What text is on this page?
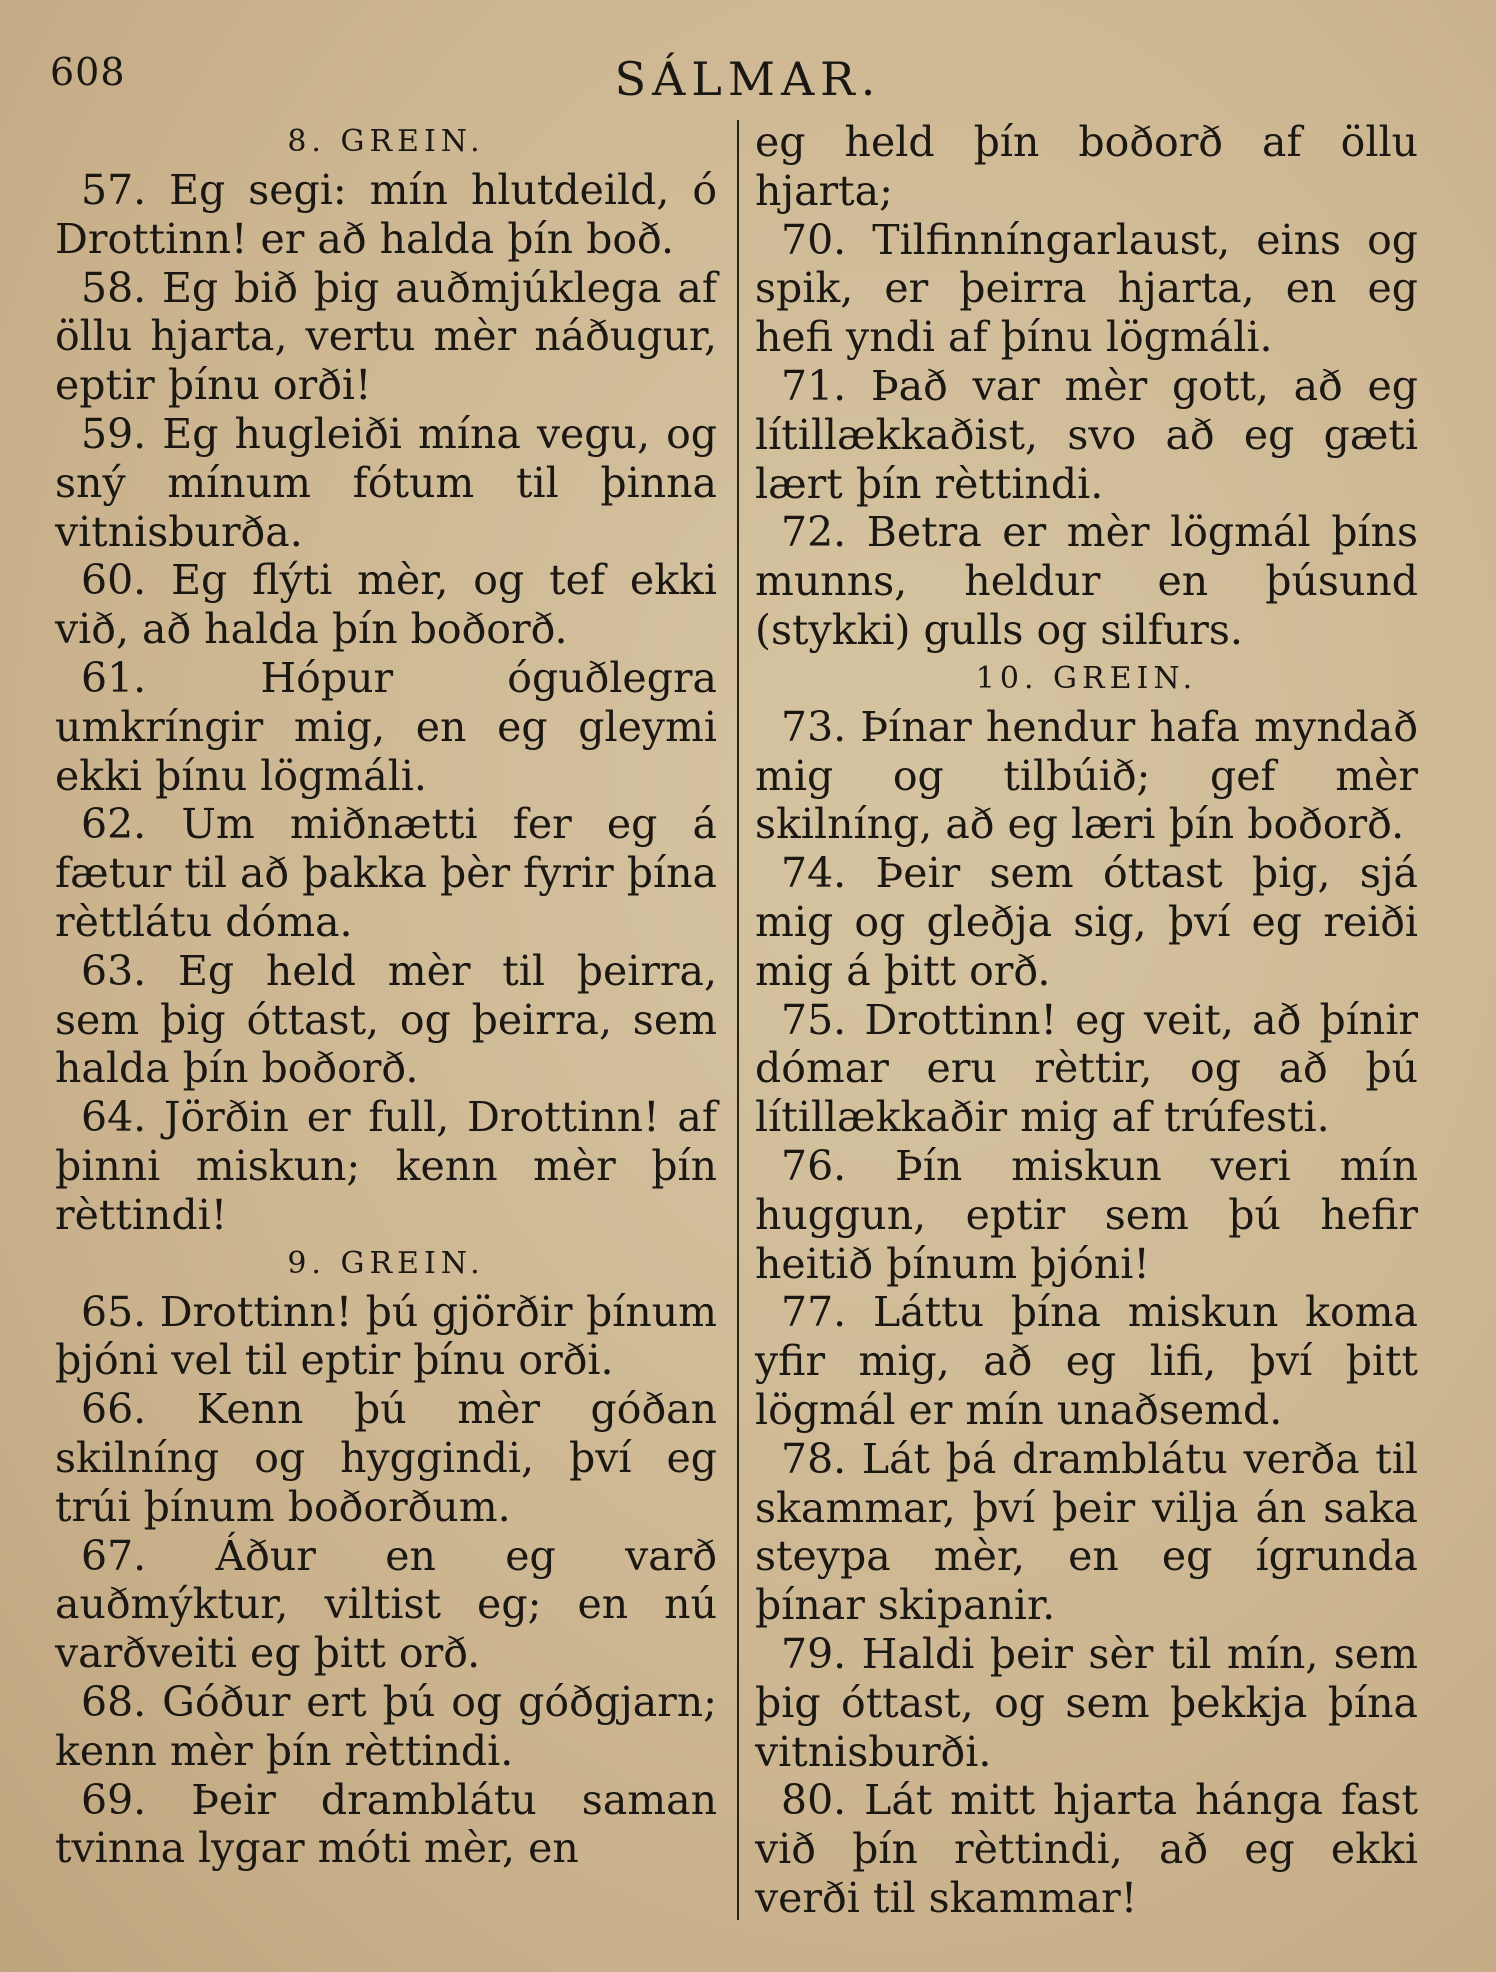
608	SÁLMAR.
8. GREIN.
57. Eg segi: mín hlutdeild, ó Drottinn! er að halda þín boð.
58. Eg bið þig auðmjúklega af öllu hjarta, vertu mèr náðugur, eptir þínu orði!
59. Eg hugleiði mína vegu, og sný mínum fótum til þinna vitnisburða.
60. Eg flýti mèr, og tef ekki við, að halda þín boðorð.
61. Hópur óguðlegra umkríngir mig, en eg gleymi ekki þínu lögmáli.
62. Um miðnætti fer eg á fætur til að þakka þèr fyrir þína rèttlátu dóma.
63. Eg held mèr til þeirra, sem þig óttast, og þeirra, sem halda þín boðorð.
64. Jörðin er full, Drottinn! af þinni miskun; kenn mèr þín rèttindi!
9. GREIN.
65. Drottinn! þú gjörðir þínum þjóni vel til eptir þínu orði.
66. Kenn þú mèr góðan skilníng og hyggindi, því eg trúi þínum boðorðum.
67. Áður en eg varð auðmýktur, viltist eg; en nú varðveiti eg þitt orð.
68. Góður ert þú og góðgjarn; kenn mèr þín rèttindi.
69. Þeir dramblátu saman tvinna lygar móti mèr, en
eg held þín boðorð af öllu hjarta;
70. Tilfinníngarlaust, eins og spik, er þeirra hjarta, en eg hefi yndi af þínu lögmáli.
71. Það var mèr gott, að eg lítillækkaðist, svo að eg gæti lært þín rèttindi.
72. Betra er mèr lögmál þíns munns, heldur en þúsund (stykki) gulls og silfurs.
10. GREIN.
73. Þínar hendur hafa myndað mig og tilbúið; gef mèr skilníng, að eg læri þín boðorð.
74. Þeir sem óttast þig, sjá mig og gleðja sig, því eg reiði mig á þitt orð.
75. Drottinn! eg veit, að þínir dómar eru rèttir, og að þú lítillækkaðir mig af trúfesti.
76. Þín miskun veri mín huggun, eptir sem þú hefir heitið þínum þjóni!
77. Láttu þína miskun koma yfir mig, að eg lifi, því þitt lögmál er mín unaðsemd.
78. Lát þá dramblátu verða til skammar, því þeir vilja án saka steypa mèr, en eg ígrunda þínar skipanir.
79. Haldi þeir sèr til mín, sem þig óttast, og sem þekkja þína vitnisburði.
80. Lát mitt hjarta hánga fast við þín rèttindi, að eg ekki verði til skammar!
